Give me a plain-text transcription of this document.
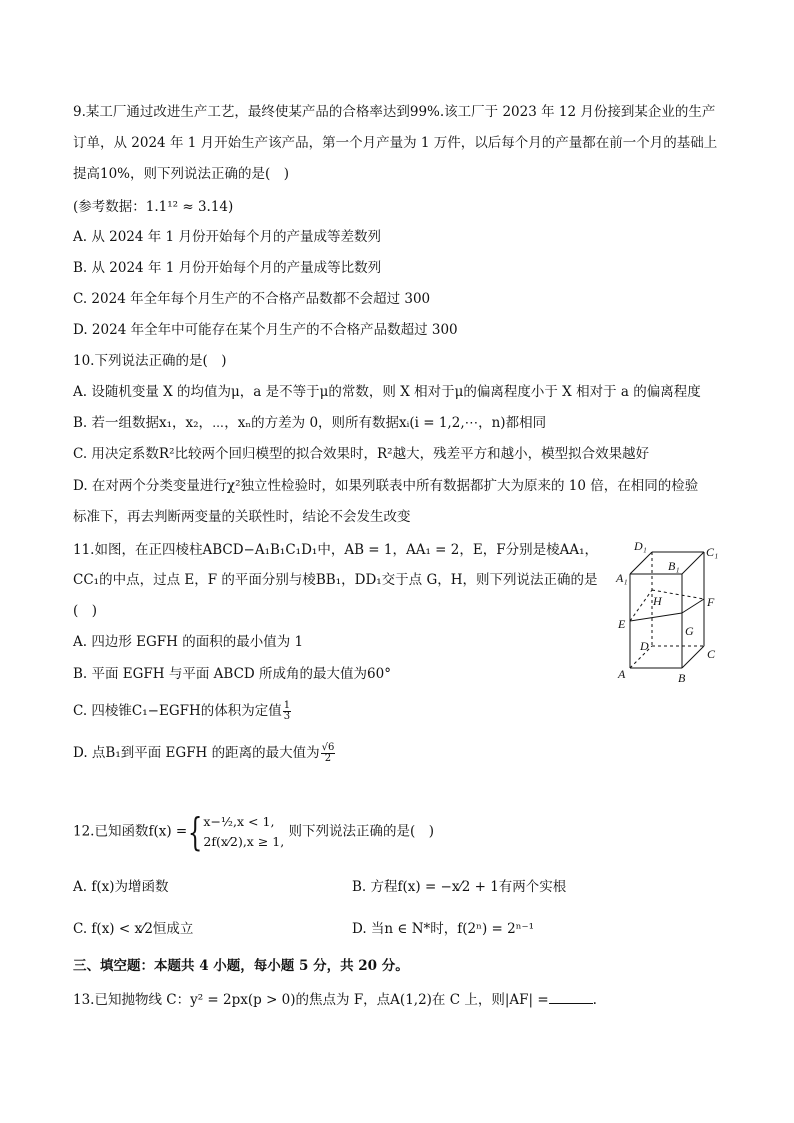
9.某工厂通过改进生产工艺，最终使某产品的合格率达到99%.该工厂于 2023 年 12 月份接到某企业的生产
订单，从 2024 年 1 月开始生产该产品，第一个月产量为 1 万件，以后每个月的产量都在前一个月的基础上
提高10%，则下列说法正确的是(　)
(参考数据：1.1¹² ≈ 3.14)
A. 从 2024 年 1 月份开始每个月的产量成等差数列
B. 从 2024 年 1 月份开始每个月的产量成等比数列
C. 2024 年全年每个月生产的不合格产品数都不会超过 300
D. 2024 年全年中可能存在某个月生产的不合格产品数超过 300
10.下列说法正确的是(　)
A. 设随机变量 X 的均值为μ，a 是不等于μ的常数，则 X 相对于μ的偏离程度小于 X 相对于 a 的偏离程度
B. 若一组数据x₁，x₂，⋯，xₙ的方差为 0，则所有数据xᵢ(i = 1,2,⋯，n)都相同
C. 用决定系数R²比较两个回归模型的拟合效果时，R²越大，残差平方和越小，模型拟合效果越好
D. 在对两个分类变量进行χ²独立性检验时，如果列联表中所有数据都扩大为原来的 10 倍，在相同的检验
标准下，再去判断两变量的关联性时，结论不会发生改变
11.如图，在正四棱柱ABCD−A₁B₁C₁D₁中，AB = 1，AA₁ = 2，E，F分别是棱AA₁，
CC₁的中点，过点 E，F 的平面分别与棱BB₁，DD₁交于点 G，H，则下列说法正确的是
(　)
A. 四边形 EGFH 的面积的最小值为 1
B. 平面 EGFH 与平面 ABCD 所成角的最大值为60°
C. 四棱锥C₁−EGFH的体积为定值 $\frac{1}{3}$
D. 点B₁到平面 EGFH 的距离的最大值为 $\frac{√6}{2}$
A	B
C
D
A₁
B₁
C₁
D₁
E
F
G
H
12.已知函数f(x) ={ x−½,x < 1,
2f(x⁄2),x ≥ 1,
则下列说法正确的是(　)
A. f(x)为增函数	B. 方程f(x) = −x⁄2 + 1有两个实根
C. f(x) < x⁄2恒成立	D. 当n ∈ N*时，f(2ⁿ) = 2ⁿ⁻¹
三、填空题：本题共 4 小题，每小题 5 分，共 20 分。
13.已知抛物线 C：y² = 2px(p > 0)的焦点为 F，点A(1,2)在 C 上，则|AF| =	.
